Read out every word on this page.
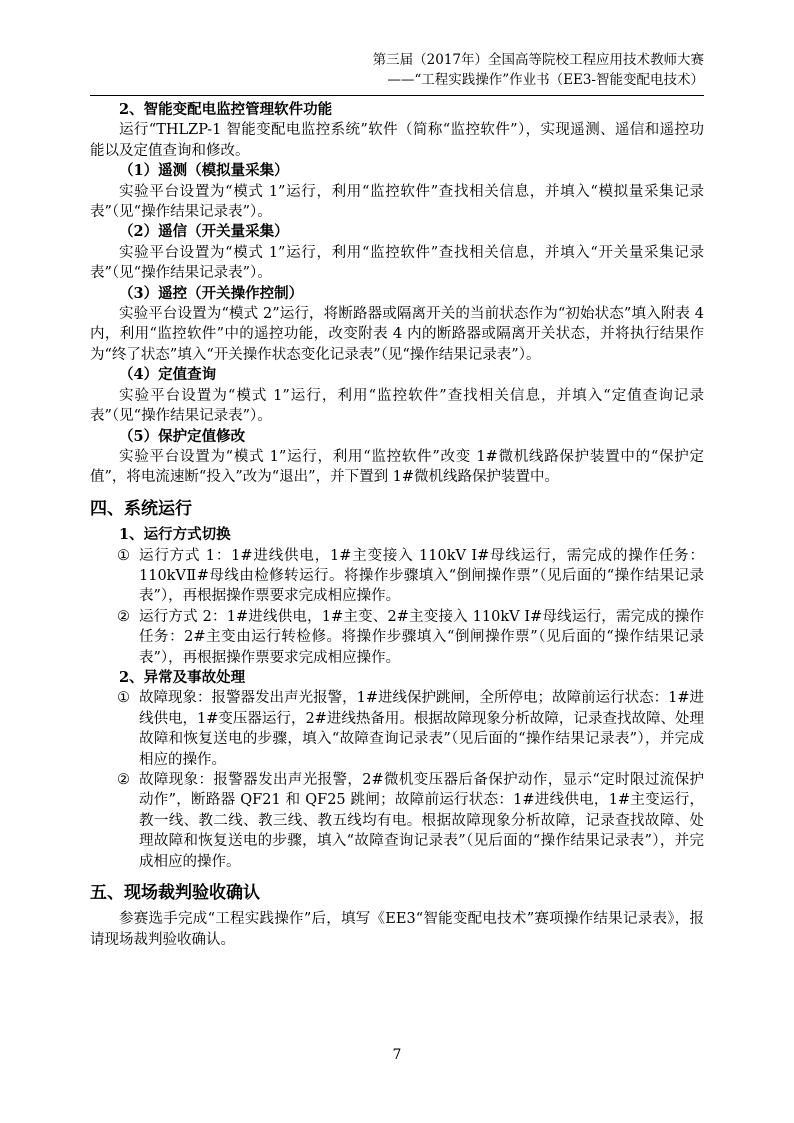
第三届（2017年）全国高等院校工程应用技术教师大赛
——“工程实践操作”作业书（EE3-智能变配电技术）

2、智能变配电监控管理软件功能

运行“THLZP-1 智能变配电监控系统”软件（简称“监控软件”），实现遥测、遥信和遥控功能以及定值查询和修改。

（1）遥测（模拟量采集）

实验平台设置为“模式 1”运行，利用“监控软件”查找相关信息，并填入“模拟量采集记录表”（见“操作结果记录表”）。

（2）遥信（开关量采集）

实验平台设置为“模式 1”运行，利用“监控软件”查找相关信息，并填入“开关量采集记录表”（见“操作结果记录表”）。

（3）遥控（开关操作控制）

实验平台设置为“模式 2”运行，将断路器或隔离开关的当前状态作为“初始状态”填入附表 4 内，利用“监控软件”中的遥控功能，改变附表 4 内的断路器或隔离开关状态，并将执行结果作为“终了状态”填入“开关操作状态变化记录表”（见“操作结果记录表”）。

（4）定值查询

实验平台设置为“模式 1”运行，利用“监控软件”查找相关信息，并填入“定值查询记录表”（见“操作结果记录表”）。

（5）保护定值修改

实验平台设置为“模式 1”运行，利用“监控软件”改变 1#微机线路保护装置中的“保护定值”，将电流速断“投入”改为“退出”，并下置到 1#微机线路保护装置中。

四、系统运行

1、运行方式切换

① 运行方式 1：1#进线供电，1#主变接入 110kV I#母线运行，需完成的操作任务：110kVⅡ#母线由检修转运行。将操作步骤填入“倒闸操作票”（见后面的“操作结果记录表”），再根据操作票要求完成相应操作。
② 运行方式 2：1#进线供电，1#主变、2#主变接入 110kV I#母线运行，需完成的操作任务：2#主变由运行转检修。将操作步骤填入“倒闸操作票”（见后面的“操作结果记录表”），再根据操作票要求完成相应操作。

2、异常及事故处理

① 故障现象：报警器发出声光报警，1#进线保护跳闸，全所停电；故障前运行状态：1#进线供电，1#变压器运行，2#进线热备用。根据故障现象分析故障，记录查找故障、处理故障和恢复送电的步骤，填入“故障查询记录表”（见后面的“操作结果记录表”），并完成相应的操作。
② 故障现象：报警器发出声光报警，2#微机变压器后备保护动作，显示“定时限过流保护动作”，断路器 QF21 和 QF25 跳闸；故障前运行状态：1#进线供电，1#主变运行，教一线、教二线、教三线、教五线均有电。根据故障现象分析故障，记录查找故障、处理故障和恢复送电的步骤，填入“故障查询记录表”（见后面的“操作结果记录表”），并完成相应的操作。
五、现场裁判验收确认

参赛选手完成“工程实践操作”后，填写《EE3“智能变配电技术”赛项操作结果记录表》，报请现场裁判验收确认。

7
